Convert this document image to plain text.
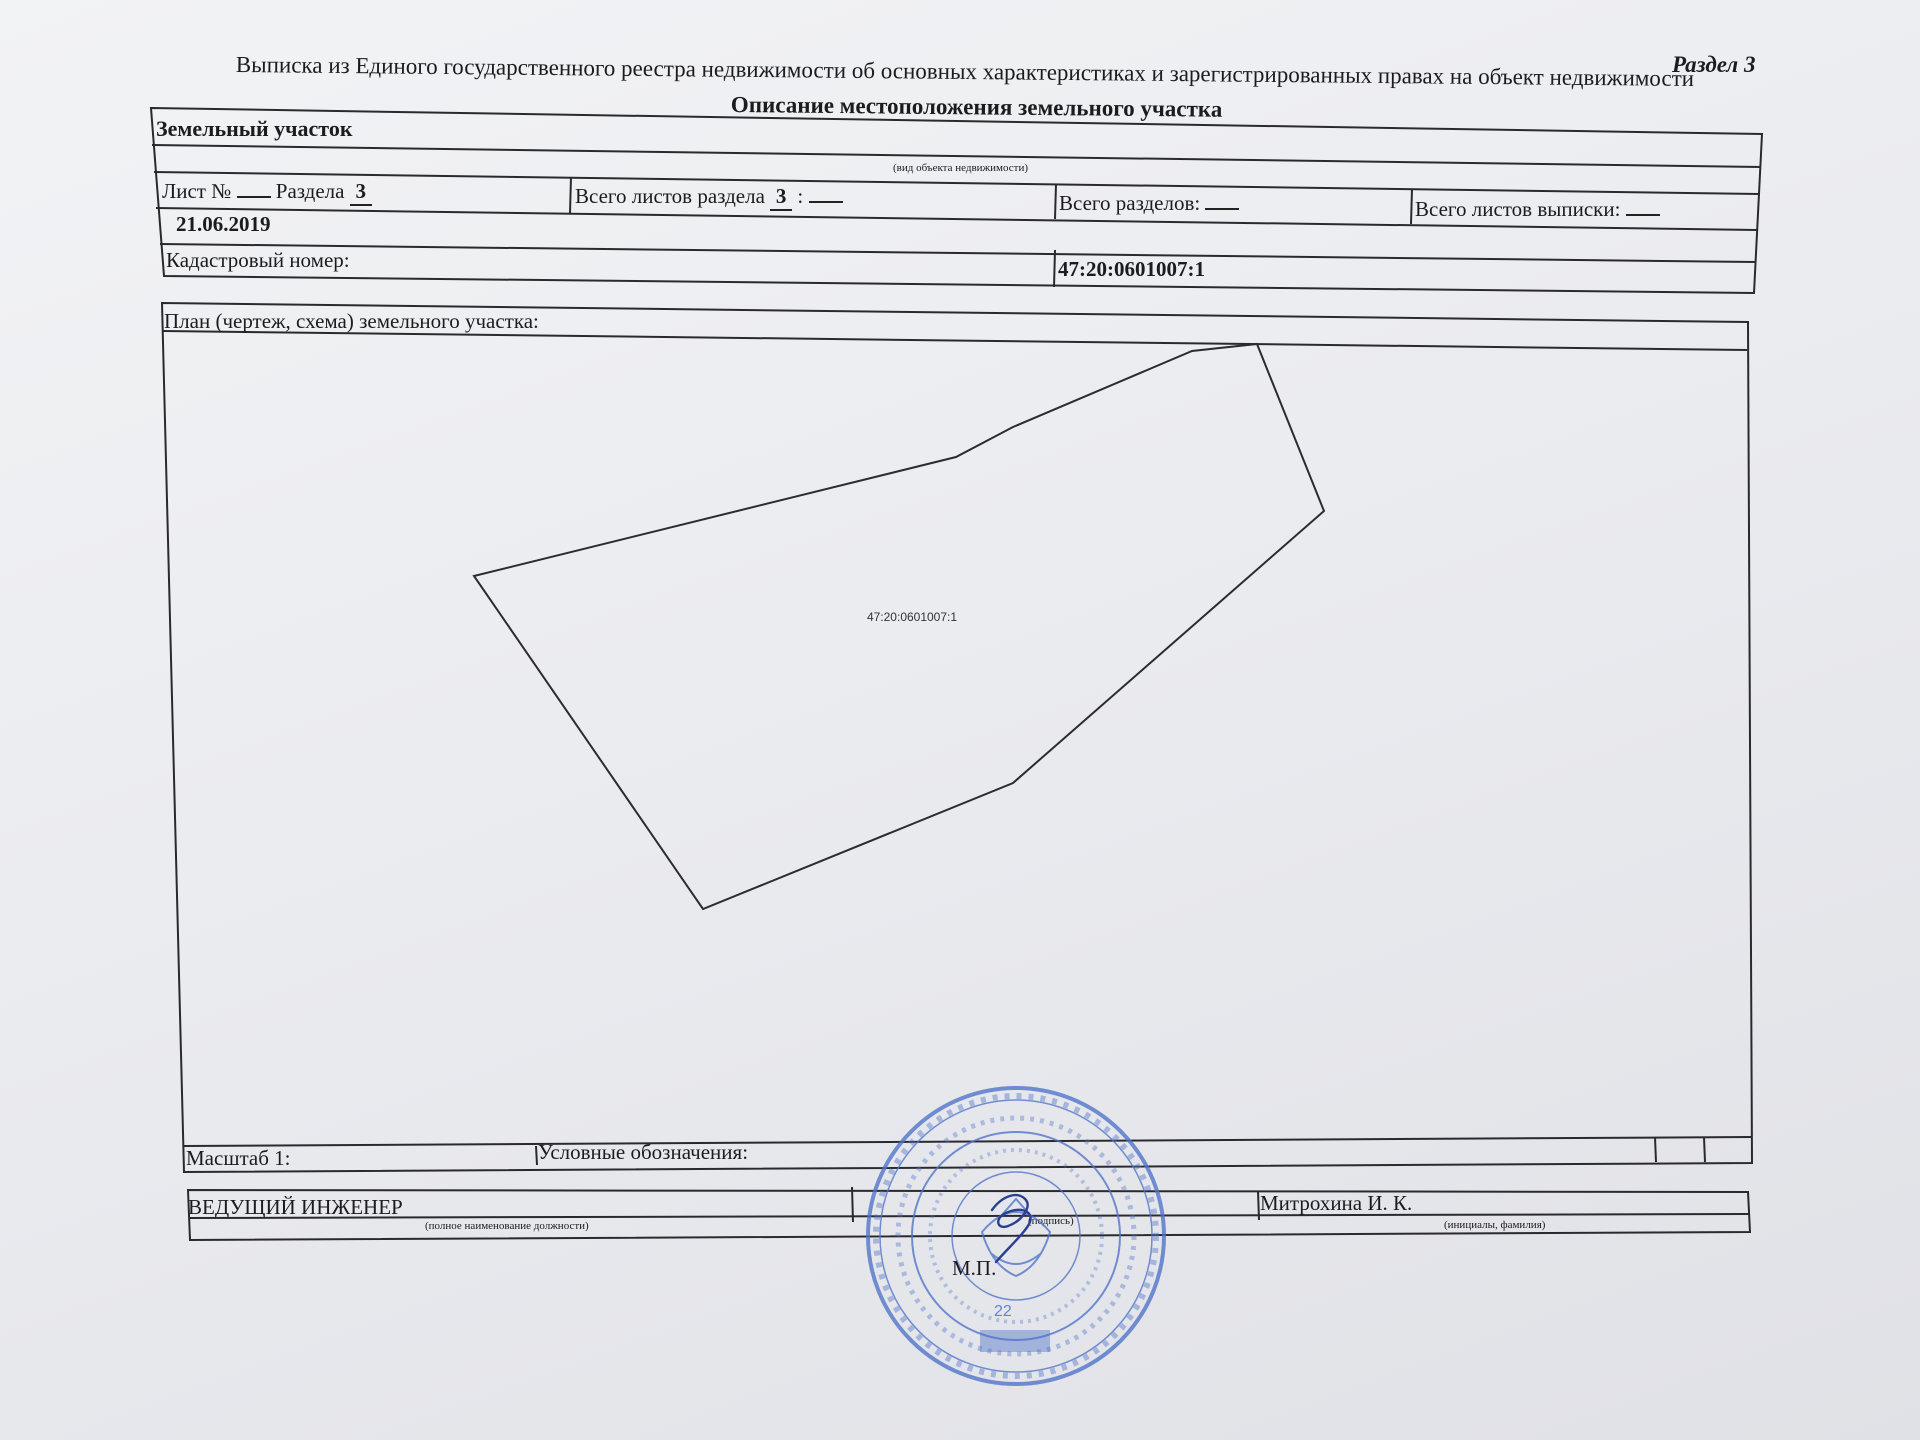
Выписка из Единого государственного реестра недвижимости об основных характеристиках и зарегистрированных правах на объект недвижимости
Раздел 3
Описание местоположения земельного участка
47:20:0601007:1
Земельный участок
(вид объекта недвижимости)
Лист № Раздела 3	Всего листов раздела 3 :	Всего разделов:	Всего листов выписки:
21.06.2019
Кадастровый номер:	47:20:0601007:1
План (чертеж, схема) земельного участка:
Масштаб 1:	Условные обозначения:
ВЕДУЩИЙ ИНЖЕНЕР
(полное наименование должности)	(подпись)
Митрохина И. К.
(инициалы, фамилия)
22
М.П.
